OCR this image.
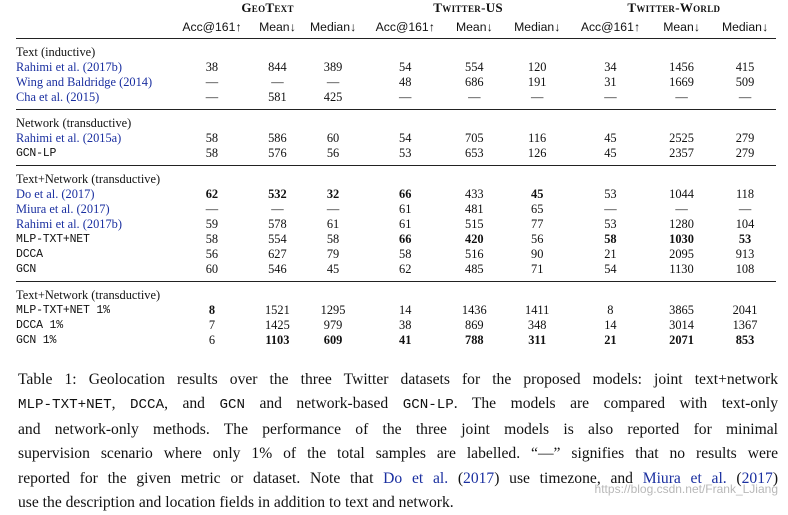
	GeoText			Twitter-US			Twitter-World		
	Acc@161↑	Mean↓	Median↓	Acc@161↑	Mean↓	Median↓	Acc@161↑	Mean↓	Median↓
Text (inductive)									
Rahimi et al. (2017b)	38	844	389	54	554	120	34	1456	415
Wing and Baldridge (2014)	—	—	—	48	686	191	31	1669	509
Cha et al. (2015)	—	581	425	—	—	—	—	—	—
Network (transductive)									
Rahimi et al. (2015a)	58	586	60	54	705	116	45	2525	279
GCN-LP	58	576	56	53	653	126	45	2357	279
Text+Network (transductive)									
Do et al. (2017)	62	532	32	66	433	45	53	1044	118
Miura et al. (2017)	—	—	—	61	481	65	—	—	—
Rahimi et al. (2017b)	59	578	61	61	515	77	53	1280	104
MLP-TXT+NET	58	554	58	66	420	56	58	1030	53
DCCA	56	627	79	58	516	90	21	2095	913
GCN	60	546	45	62	485	71	54	1130	108
Text+Network (transductive)									
MLP-TXT+NET 1%	8	1521	1295	14	1436	1411	8	3865	2041
DCCA 1%	7	1425	979	38	869	348	14	3014	1367
GCN 1%	6	1103	609	41	788	311	21	2071	853
Table 1: Geolocation results over the three Twitter datasets for the proposed models: joint text+network
MLP-TXT+NET, DCCA, and GCN and network-based GCN-LP. The models are compared with text-only
and network-only methods. The performance of the three joint models is also reported for minimal
supervision scenario where only 1% of the total samples are labelled. “—” signifies that no results were
reported for the given metric or dataset. Note that Do et al. (2017) use timezone, and Miura et al. (2017)
use the description and location fields in addition to text and network.
https://blog.csdn.net/Frank_LJiang
